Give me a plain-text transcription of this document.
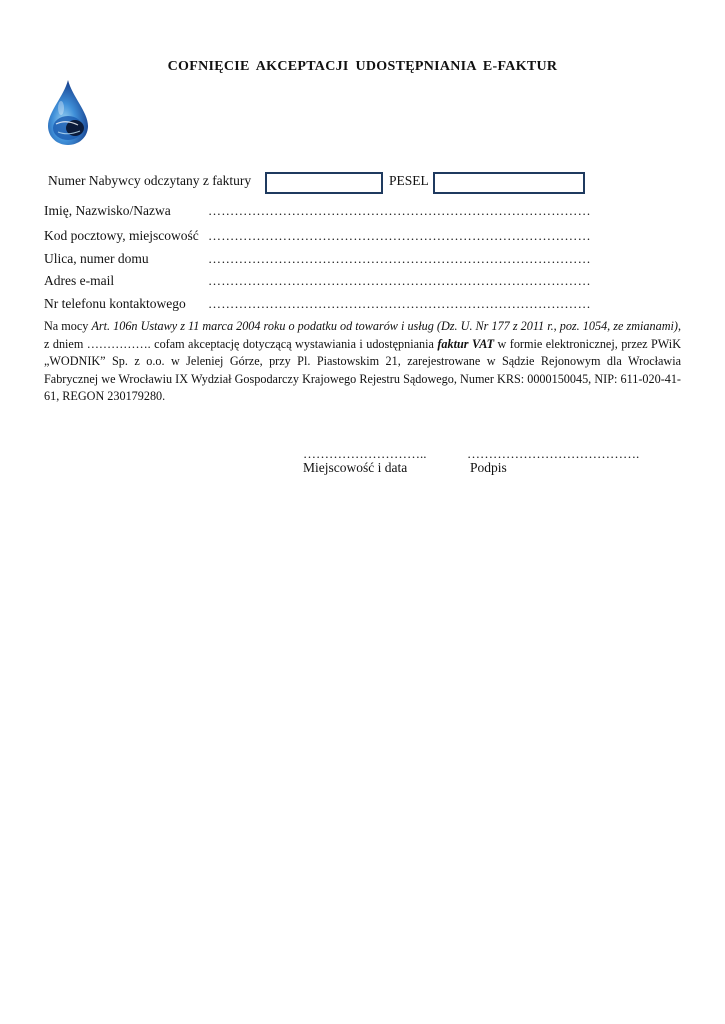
COFNIĘCIE AKCEPTACJI UDOSTĘPNIANIA E-FAKTUR
Numer Nabywcy odczytany z faktury	PESEL
Imię, Nazwisko/Nazwa	……………………………………………………………………………
Kod pocztowy, miejscowość ……………………………………………………………………………
Ulica, numer domu	……………………………………………………………………………
Adres e-mail	……………………………………………………………………………
Nr telefonu kontaktowego ……………………………………………………………………………
Na mocy Art. 106n Ustawy z 11 marca 2004 roku o podatku od towarów i usług (Dz. U. Nr 177 z 2011 r., poz. 1054, ze zmianami), z dniem ……………. cofam akceptację dotyczącą wystawiania i udostępniania faktur VAT w formie elektronicznej, przez PWiK „WODNIK” Sp. z o.o. w Jeleniej Górze, przy Pl. Piastowskim 21, zarejestrowane w Sądzie Rejonowym dla Wrocławia Fabrycznej we Wrocławiu IX Wydział Gospodarczy Krajowego Rejestru Sądowego, Numer KRS: 0000150045, NIP: 611-020-41-61, REGON 230179280.
………………………..
Miejscowość i data
………………………………….
Podpis
